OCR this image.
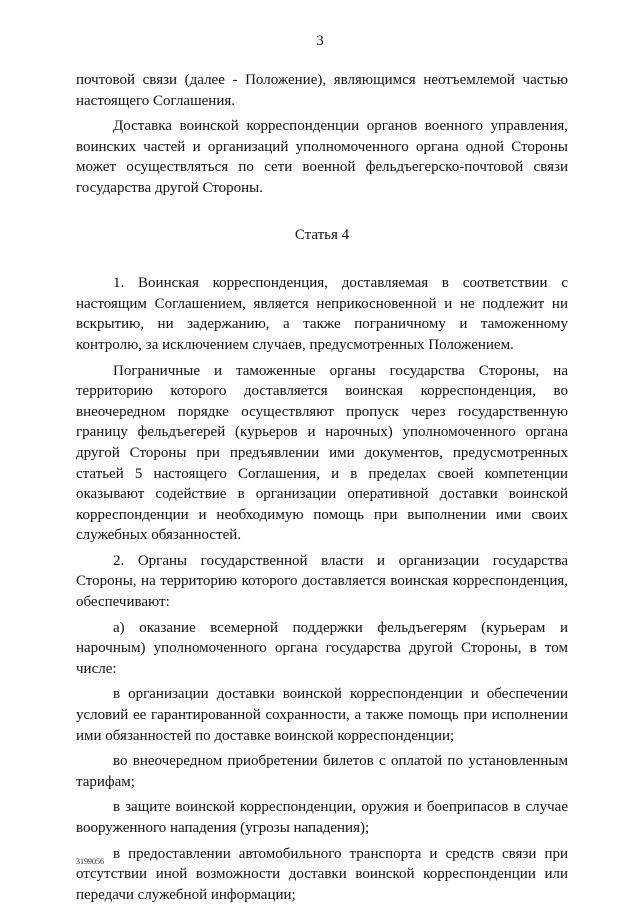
3

почтовой связи (далее - Положение), являющимся неотъемлемой частью настоящего Соглашения.

Доставка воинской корреспонденции органов военного управления, воинских частей и организаций уполномоченного органа одной Стороны может осуществляться по сети военной фельдъегерско-почтовой связи государства другой Стороны.

Статья 4

1. Воинская корреспонденция, доставляемая в соответствии с настоящим Соглашением, является неприкосновенной и не подлежит ни вскрытию, ни задержанию, а также пограничному и таможенному контролю, за исключением случаев, предусмотренных Положением.

Пограничные и таможенные органы государства Стороны, на территорию которого доставляется воинская корреспонденция, во внеочередном порядке осуществляют пропуск через государственную границу фельдъегерей (курьеров и нарочных) уполномоченного органа другой Стороны при предъявлении ими документов, предусмотренных статьей 5 настоящего Соглашения, и в пределах своей компетенции оказывают содействие в организации оперативной доставки воинской корреспонденции и необходимую помощь при выполнении ими своих служебных обязанностей.

2. Органы государственной власти и организации государства Стороны, на территорию которого доставляется воинская корреспонденция, обеспечивают:

а) оказание всемерной поддержки фельдъегерям (курьерам и нарочным) уполномоченного органа государства другой Стороны, в том числе:

в организации доставки воинской корреспонденции и обеспечении условий ее гарантированной сохранности, а также помощь при исполнении ими обязанностей по доставке воинской корреспонденции;

во внеочередном приобретении билетов с оплатой по установленным тарифам;

в защите воинской корреспонденции, оружия и боеприпасов в случае вооруженного нападения (угрозы нападения);

в предоставлении автомобильного транспорта и средств связи при отсутствии иной возможности доставки воинской корреспонденции или передачи служебной информации;

3199056
